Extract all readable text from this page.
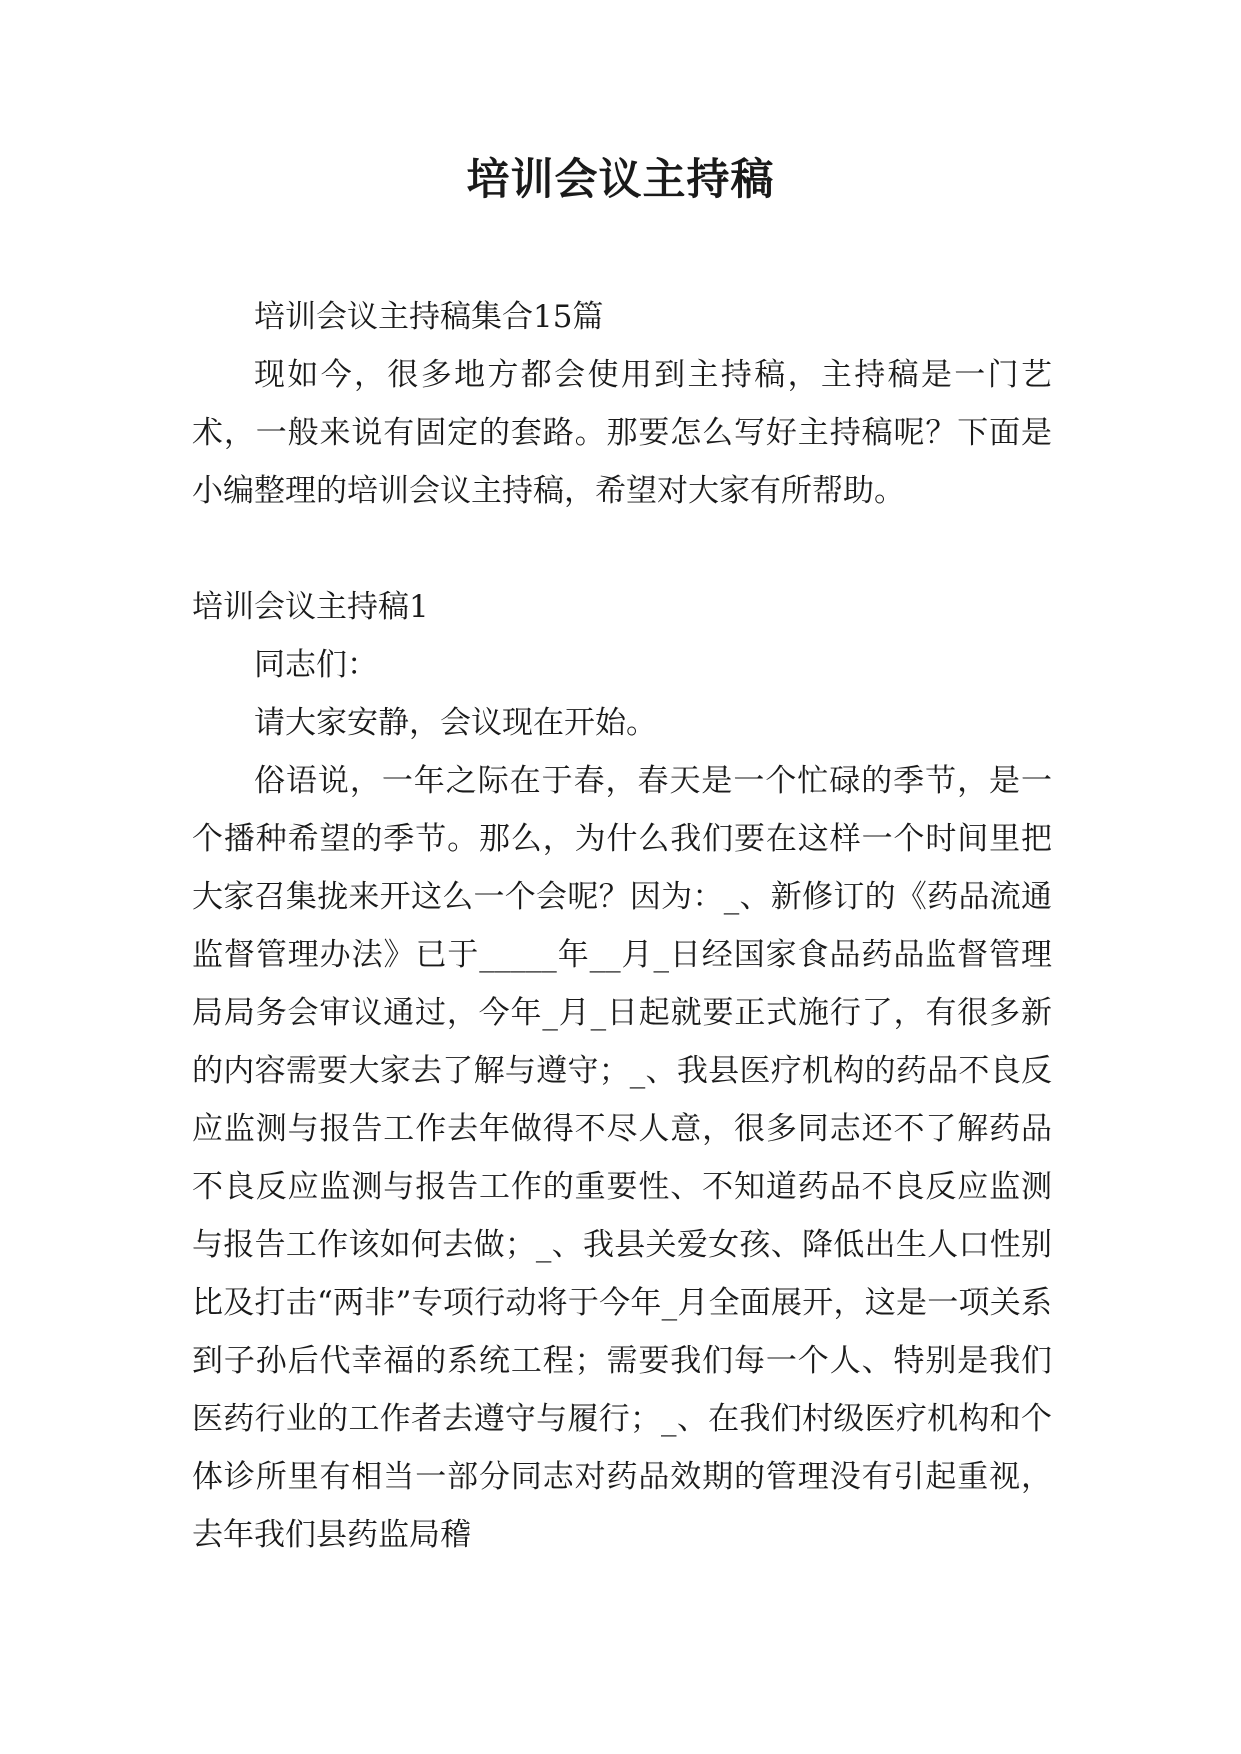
培训会议主持稿

培训会议主持稿集合15篇

现如今，很多地方都会使用到主持稿，主持稿是一门艺术，一般来说有固定的套路。那要怎么写好主持稿呢？下面是小编整理的培训会议主持稿，希望对大家有所帮助。

培训会议主持稿1

同志们：

请大家安静，会议现在开始。

俗语说，一年之际在于春，春天是一个忙碌的季节，是一个播种希望的季节。那么，为什么我们要在这样一个时间里把大家召集拢来开这么一个会呢？因为：_、新修订的《药品流通监督管理办法》已于_____年__月_日经国家食品药品监督管理局局务会审议通过，今年_月_日起就要正式施行了，有很多新的内容需要大家去了解与遵守；_、我县医疗机构的药品不良反应监测与报告工作去年做得不尽人意，很多同志还不了解药品不良反应监测与报告工作的重要性、不知道药品不良反应监测与报告工作该如何去做；_、我县关爱女孩、降低出生人口性别比及打击“两非”专项行动将于今年_月全面展开，这是一项关系到子孙后代幸福的系统工程；需要我们每一个人、特别是我们医药行业的工作者去遵守与履行；_、在我们村级医疗机构和个体诊所里有相当一部分同志对药品效期的管理没有引起重视，去年我们县药监局稽
